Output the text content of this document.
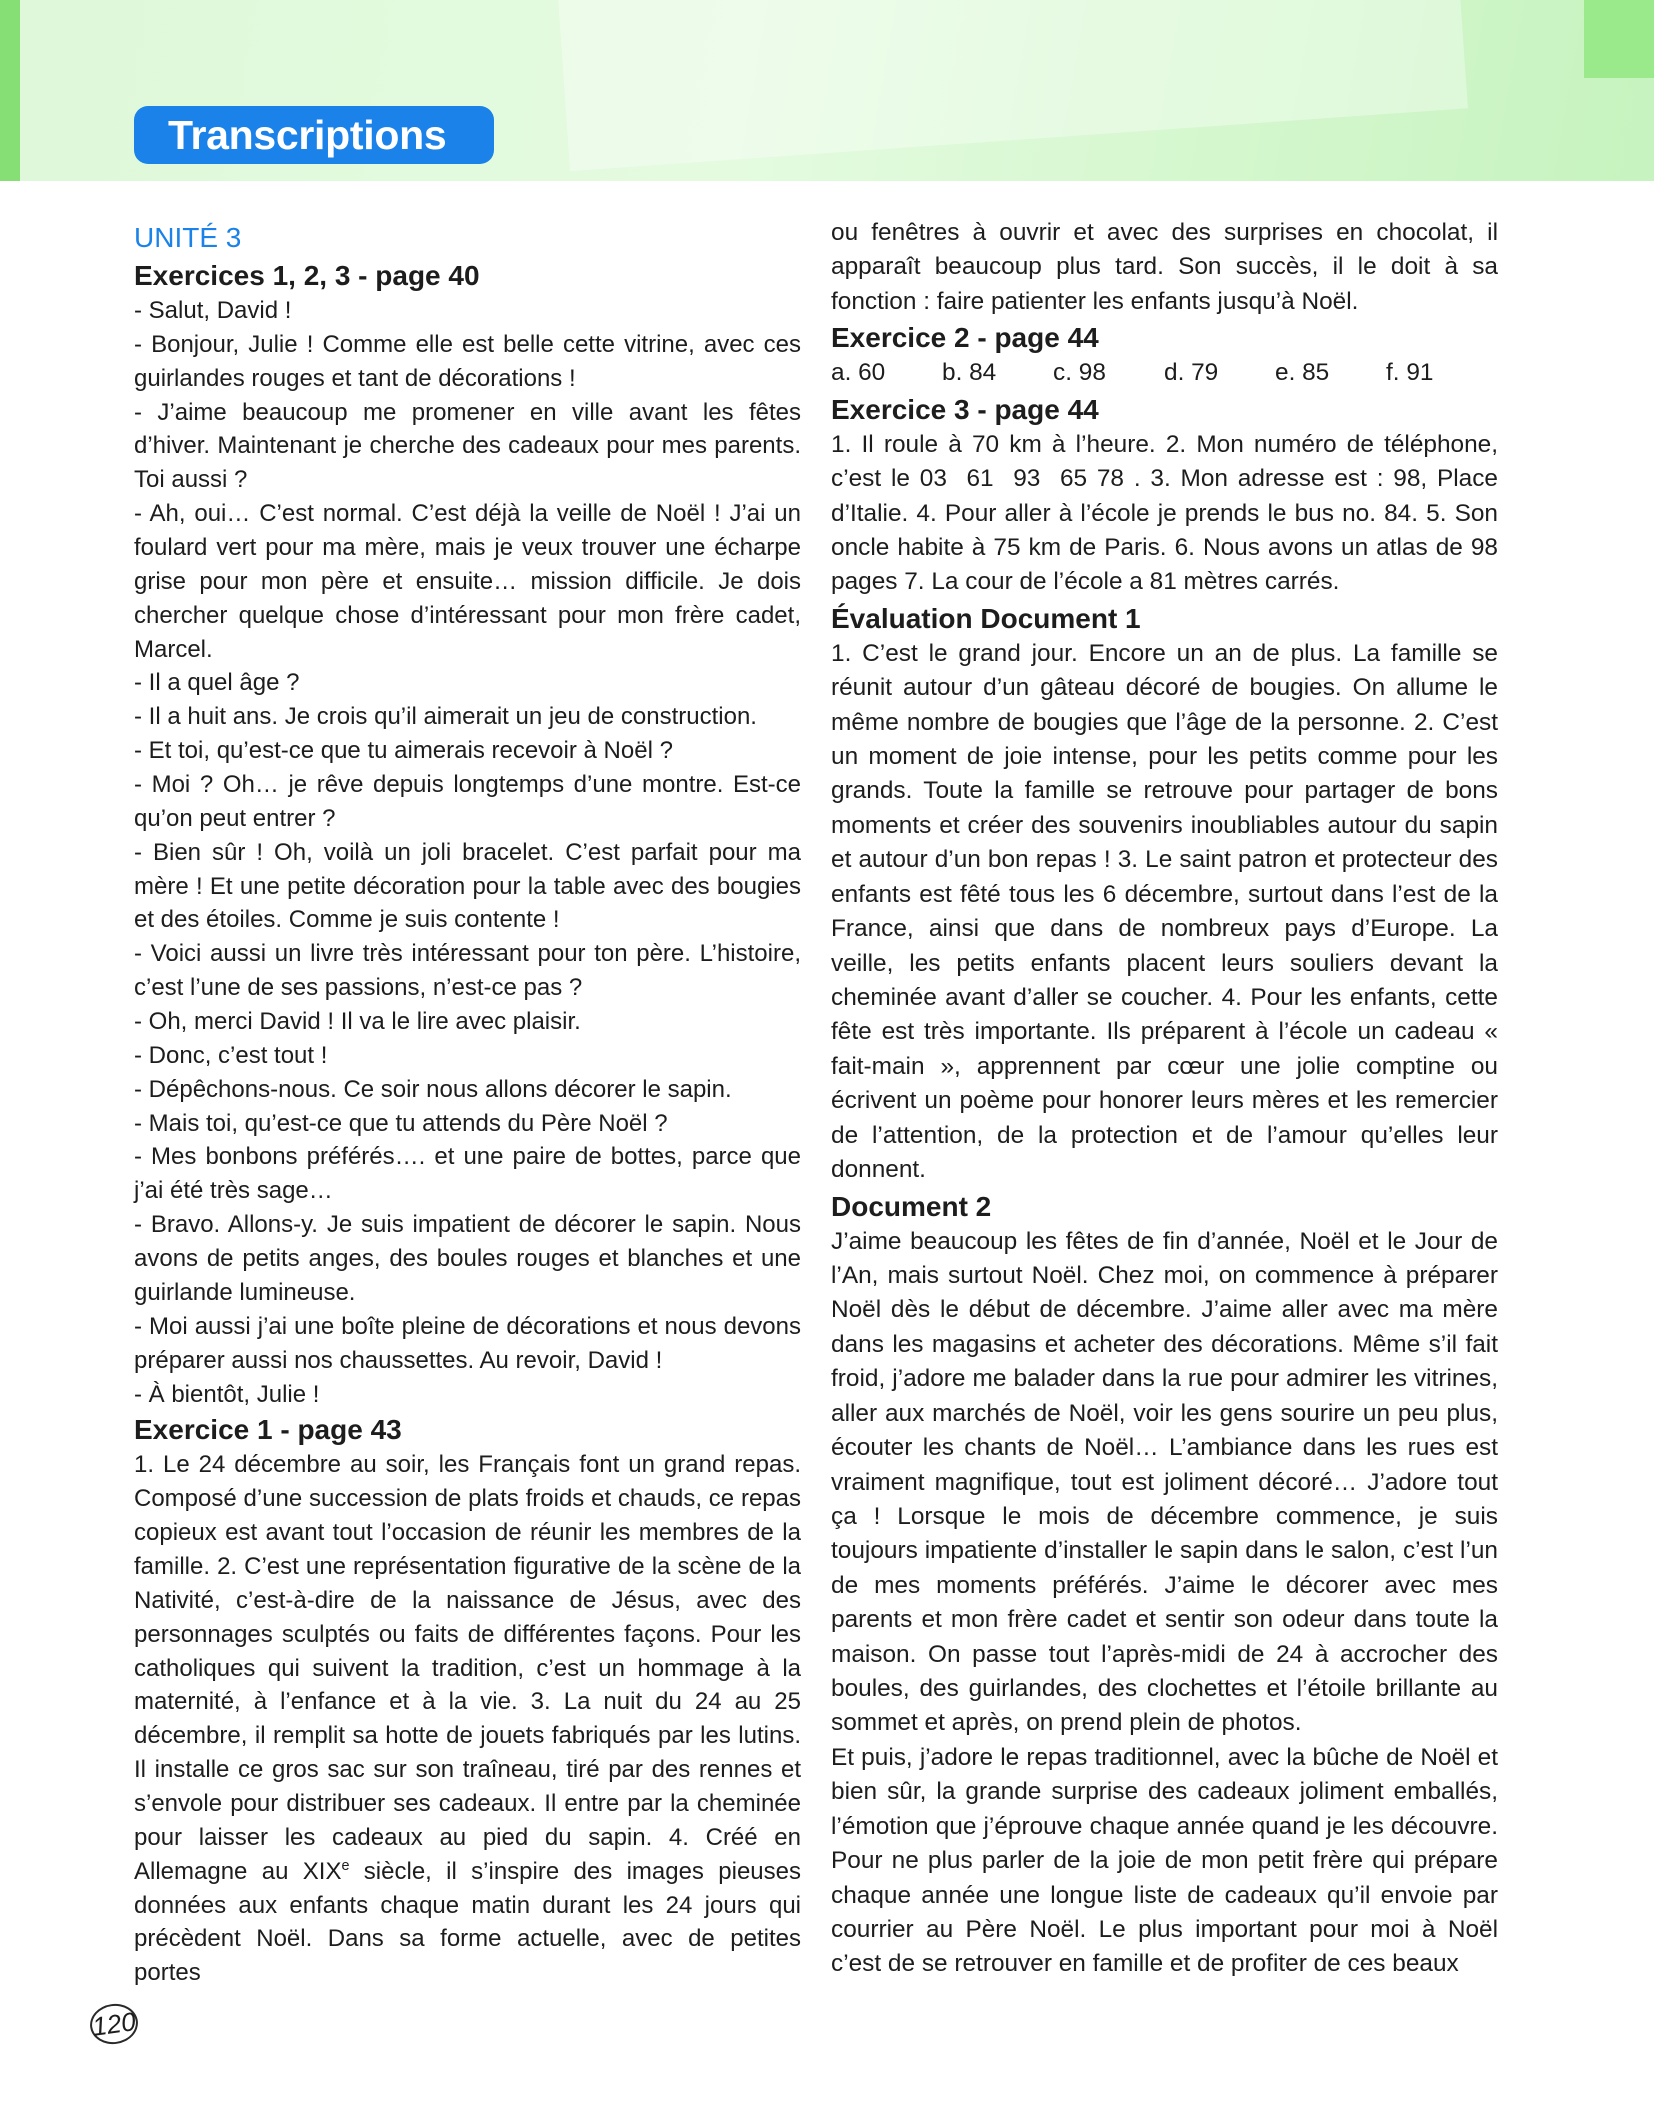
Transcriptions

UNITÉ 3

Exercices 1, 2, 3 - page 40

- Salut, David !

- Bonjour, Julie ! Comme elle est belle cette vitrine, avec ces guirlandes rouges et tant de décorations !

- J’aime beaucoup me promener en ville avant les fêtes d’hiver. Maintenant je cherche des cadeaux pour mes parents. Toi aussi ?

- Ah, oui… C’est normal. C’est déjà la veille de Noël ! J’ai un foulard vert pour ma mère, mais je veux trouver une écharpe grise pour mon père et ensuite… mission difficile. Je dois chercher quelque chose d’intéressant pour mon frère cadet, Marcel.

- Il a quel âge ?

- Il a huit ans. Je crois qu’il aimerait un jeu de construction.

- Et toi, qu’est-ce que tu aimerais recevoir à Noël ?

- Moi ? Oh… je rêve depuis longtemps d’une montre. Est-ce qu’on peut entrer ?

- Bien sûr ! Oh, voilà un joli bracelet. C’est parfait pour ma mère ! Et une petite décoration pour la table avec des bougies et des étoiles. Comme je suis contente !

- Voici aussi un livre très intéressant pour ton père. L’histoire, c’est l’une de ses passions, n’est-ce pas ?

- Oh, merci David ! Il va le lire avec plaisir.

- Donc, c’est tout !

- Dépêchons-nous. Ce soir nous allons décorer le sapin.

- Mais toi, qu’est-ce que tu attends du Père Noël ?

- Mes bonbons préférés…. et une paire de bottes, parce que j’ai été très sage…

- Bravo. Allons-y. Je suis impatient de décorer le sapin. Nous avons de petits anges, des boules rouges et blanches et une guirlande lumineuse.

- Moi aussi j’ai une boîte pleine de décorations et nous devons préparer aussi nos chaussettes. Au revoir, David !

- À bientôt, Julie !

Exercice 1 - page 43

1. Le 24 décembre au soir, les Français font un grand repas. Composé d’une succession de plats froids et chauds, ce repas copieux est avant tout l’occasion de réunir les membres de la famille. 2. C’est une représentation figurative de la scène de la Nativité, c’est-à-dire de la naissance de Jésus, avec des personnages sculptés ou faits de différentes façons. Pour les catholiques qui suivent la tradition, c’est un hommage à la maternité, à l’enfance et à la vie. 3. La nuit du 24 au 25 décembre, il remplit sa hotte de jouets fabriqués par les lutins. Il installe ce gros sac sur son traîneau, tiré par des rennes et s’envole pour distribuer ses cadeaux. Il entre par la cheminée pour laisser les cadeaux au pied du sapin. 4. Créé en Allemagne au XIXe siècle, il s’inspire des images pieuses données aux enfants chaque matin durant les 24 jours qui précèdent Noël. Dans sa forme actuelle, avec de petites portes

ou fenêtres à ouvrir et avec des surprises en chocolat, il apparaît beaucoup plus tard. Son succès, il le doit à sa fonction : faire patienter les enfants jusqu’à Noël.

Exercice 2 - page 44

a. 60	b. 84	c. 98	d. 79	e. 85	f. 91

Exercice 3 - page 44

1. Il roule à 70 km à l’heure. 2. Mon numéro de téléphone, c’est le 03  61  93  65 78 . 3. Mon adresse est : 98, Place d’Italie. 4. Pour aller à l’école je prends le bus no. 84. 5. Son oncle habite à 75 km de Paris. 6. Nous avons un atlas de 98 pages 7. La cour de l’école a 81 mètres carrés.

Évaluation Document 1

1. C’est le grand jour. Encore un an de plus. La famille se réunit autour d’un gâteau décoré de bougies. On allume le même nombre de bougies que l’âge de la personne. 2. C’est un moment de joie intense, pour les petits comme pour les grands. Toute la famille se retrouve pour partager de bons moments et créer des souvenirs inoubliables autour du sapin et autour d’un bon repas ! 3. Le saint patron et protecteur des enfants est fêté tous les 6 décembre, surtout dans l’est de la France, ainsi que dans de nombreux pays d’Europe. La veille, les petits enfants placent leurs souliers devant la cheminée avant d’aller se coucher. 4. Pour les enfants, cette fête est très importante. Ils préparent à l’école un cadeau « fait-main », apprennent par cœur une jolie comptine ou écrivent un poème pour honorer leurs mères et les remercier de l’attention, de la protection et de l’amour qu’elles leur donnent.

Document 2

J’aime beaucoup les fêtes de fin d’année, Noël et le Jour de l’An, mais surtout Noël. Chez moi, on commence à préparer Noël dès le début de décembre. J’aime aller avec ma mère dans les magasins et acheter des décorations. Même s’il fait froid, j’adore me balader dans la rue pour admirer les vitrines, aller aux marchés de Noël, voir les gens sourire un peu plus, écouter les chants de Noël… L’ambiance dans les rues est vraiment magnifique, tout est joliment décoré… J’adore tout ça ! Lorsque le mois de décembre commence, je suis toujours impatiente d’installer le sapin dans le salon, c’est l’un de mes moments préférés. J’aime le décorer avec mes parents et mon frère cadet et sentir son odeur dans toute la maison. On passe tout l’après-midi de 24 à accrocher des boules, des guirlandes, des clochettes et l’étoile brillante au sommet et après, on prend plein de photos.

Et puis, j’adore le repas traditionnel, avec la bûche de Noël et bien sûr, la grande surprise des cadeaux joliment emballés, l’émotion que j’éprouve chaque année quand je les découvre. Pour ne plus parler de la joie de mon petit frère qui prépare chaque année une longue liste de cadeaux qu’il envoie par courrier au Père Noël. Le plus important pour moi à Noël c’est de se retrouver en famille et de profiter de ces beaux

120
